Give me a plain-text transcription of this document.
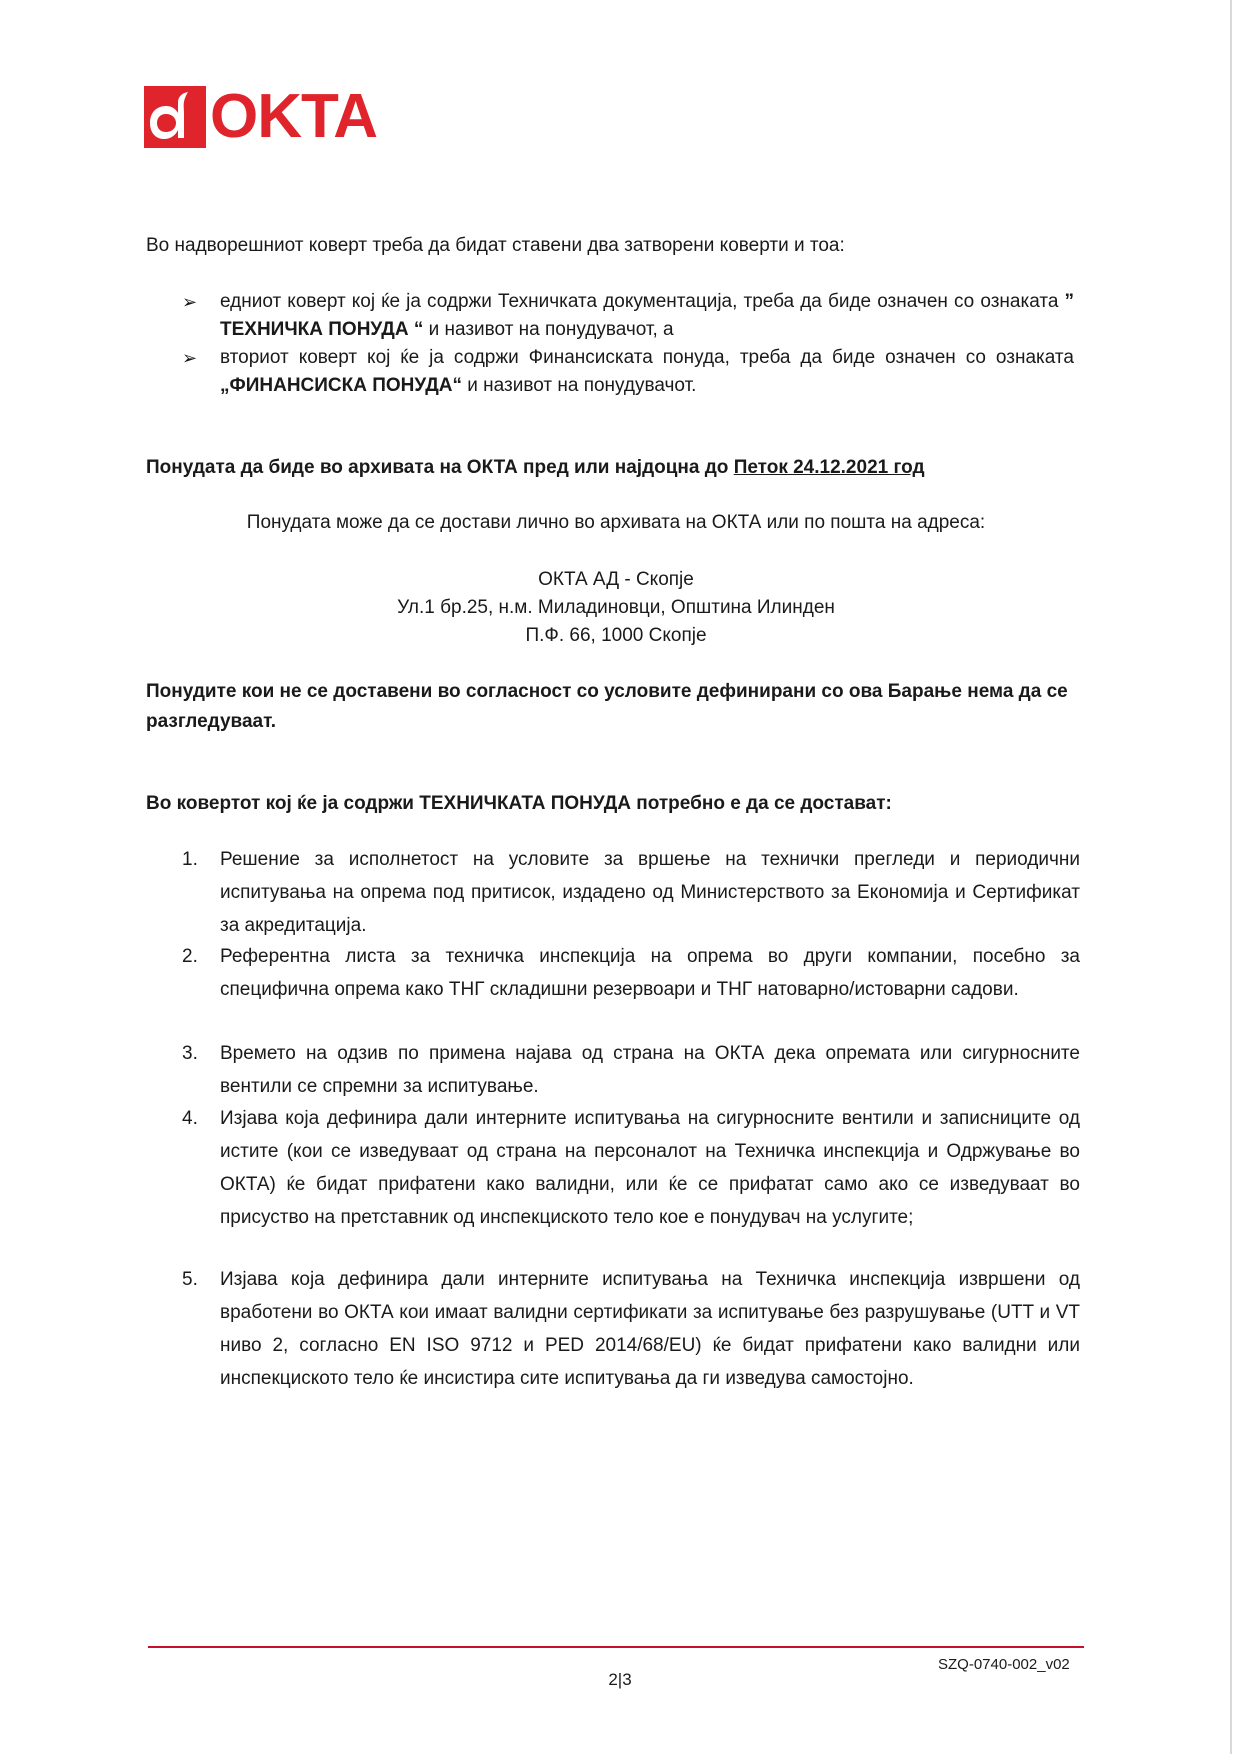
OKTA
Во надворешниот коверт треба да бидат ставени два затворени коверти и тоа:
➢ едниот коверт кој ќе ја содржи Техничката документација, треба да биде означен со ознаката ” ТЕХНИЧКА ПОНУДА “ и називот на понудувачот, а
➢ вториот коверт кој ќе ја содржи Финансиската понуда, треба да биде означен со ознаката „ФИНАНСИСКА ПОНУДА“ и називот на понудувачот.
Понудата да биде во архивата на ОКТА пред или најдоцна до Петок 24.12.2021 год
Понудата може да се достави лично во архивата на ОКТА или по пошта на адреса:
ОКТА АД - Скопје
Ул.1 бр.25, н.м. Миладиновци, Општина Илинден
П.Ф. 66, 1000 Скопје
Понудите кои не се доставени во согласност со условите дефинирани со ова Барање нема да се разгледуваат.
Во ковертот кој ќе ја содржи ТЕХНИЧКАТА ПОНУДА потребно е да се достават:
1. Решение за исполнетост на условите за вршење на технички прегледи и периодични испитувања на опрема под притисок, издадено од Министерството за Економија и Сертификат за акредитација.
2. Референтна листа за техничка инспекција на опрема во други компании, посебно за специфична опрема како ТНГ складишни резервоари и ТНГ натоварно/истоварни садови.
3. Времето на одзив по примена најава од страна на ОКТА дека опремата или сигурносните вентили се спремни за испитување.
4. Изјава која дефинира дали интерните испитувања на сигурносните вентили и записниците од истите (кои се изведуваат од страна на персоналот на Техничка инспекција и Одржување во ОКТА) ќе бидат прифатени како валидни, или ќе се прифатат само ако се изведуваат во присуство на претставник од инспекциското тело кое е понудувач на услугите;
5. Изјава која дефинира дали интерните испитувања на Техничка инспекција извршени од вработени во ОКТА кои имаат валидни сертификати за испитување без разрушување (UTT и VT ниво 2, согласно EN ISO 9712 и PED 2014/68/EU) ќе бидат прифатени како валидни или инспекциското тело ќе инсистира сите испитувања да ги изведува самостојно.
SZQ-0740-002_v02
2|3
